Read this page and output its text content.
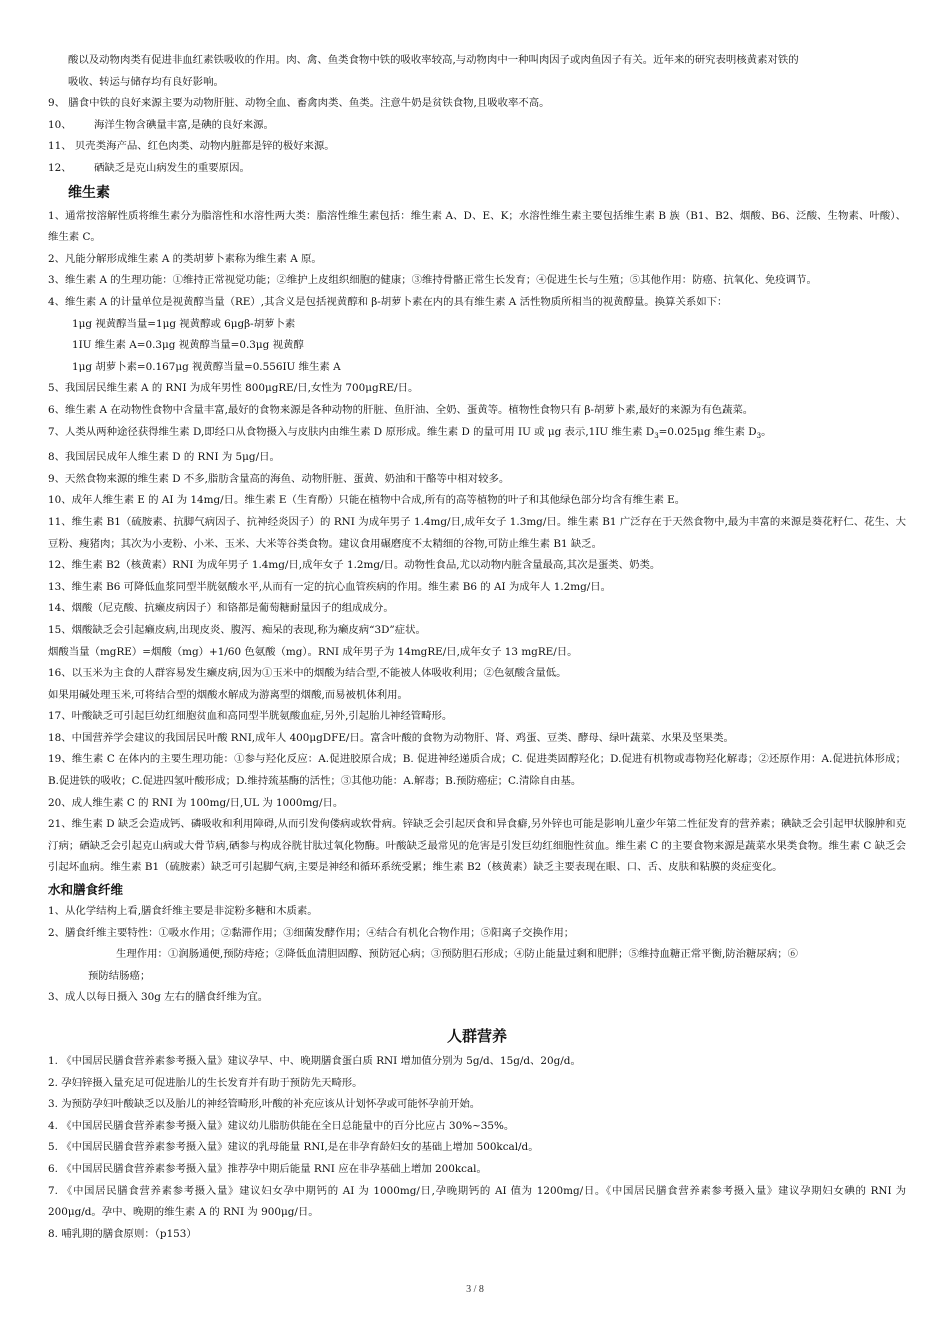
酸以及动物肉类有促进非血红素铁吸收的作用。肉、禽、鱼类食物中铁的吸收率较高,与动物肉中一种叫肉因子或肉鱼因子有关。近年来的研究表明核黄素对铁的

吸收、转运与储存均有良好影响。

9、 膳食中铁的良好来源主要为动物肝脏、动物全血、畜禽肉类、鱼类。注意牛奶是贫铁食物,且吸收率不高。

10、 海洋生物含碘量丰富,是碘的良好来源。

11、 贝壳类海产品、红色肉类、动物内脏都是锌的极好来源。

12、 硒缺乏是克山病发生的重要原因。

维生素

1、通常按溶解性质将维生素分为脂溶性和水溶性两大类：脂溶性维生素包括：维生素 A、D、E、K；水溶性维生素主要包括维生素 B 族（B1、B2、烟酸、B6、泛酸、生物素、叶酸）、维生素 C。

2、凡能分解形成维生素 A 的类胡萝卜素称为维生素 A 原。

3、维生素 A 的生理功能：①维持正常视觉功能；②维护上皮组织细胞的健康；③维持骨骼正常生长发育；④促进生长与生殖；⑤其他作用：防癌、抗氧化、免疫调节。

4、维生素 A 的计量单位是视黄醇当量（RE）,其含义是包括视黄醇和 β-胡萝卜素在内的具有维生素 A 活性物质所相当的视黄醇量。换算关系如下：

1μg 视黄醇当量=1μg 视黄醇或 6μgβ-胡萝卜素

1IU 维生素 A=0.3μg 视黄醇当量=0.3μg 视黄醇

1μg 胡萝卜素=0.167μg 视黄醇当量=0.556IU 维生素 A

5、我国居民维生素 A 的 RNI 为成年男性 800μgRE/日,女性为 700μgRE/日。

6、维生素 A 在动物性食物中含量丰富,最好的食物来源是各种动物的肝脏、鱼肝油、全奶、蛋黄等。植物性食物只有 β-胡萝卜素,最好的来源为有色蔬菜。

7、人类从两种途径获得维生素 D,即经口从食物摄入与皮肤内由维生素 D 原形成。维生素 D 的量可用 IU 或 μg 表示,1IU 维生素 $D_3=0.025\mu g$ 维生素 $D_3$。

8、我国居民成年人维生素 D 的 RNI 为 5μg/日。

9、天然食物来源的维生素 D 不多,脂肪含量高的海鱼、动物肝脏、蛋黄、奶油和干酪等中相对较多。

10、成年人维生素 E 的 AI 为 14mg/日。维生素 E（生育酚）只能在植物中合成,所有的高等植物的叶子和其他绿色部分均含有维生素 E。

11、维生素 B1（硫胺素、抗脚气病因子、抗神经炎因子）的 RNI 为成年男子 1.4mg/日,成年女子 1.3mg/日。维生素 B1 广泛存在于天然食物中,最为丰富的来源是葵花籽仁、花生、大豆粉、瘦猪肉；其次为小麦粉、小米、玉米、大米等谷类食物。建议食用碾磨度不太精细的谷物,可防止维生素 B1 缺乏。

12、维生素 B2（核黄素）RNI 为成年男子 1.4mg/日,成年女子 1.2mg/日。动物性食品,尤以动物内脏含量最高,其次是蛋类、奶类。

13、维生素 B6 可降低血浆同型半胱氨酸水平,从而有一定的抗心血管疾病的作用。维生素 B6 的 AI 为成年人 1.2mg/日。

14、烟酸（尼克酸、抗癞皮病因子）和铬都是葡萄糖耐量因子的组成成分。

15、烟酸缺乏会引起癞皮病,出现皮炎、腹泻、痴呆的表现,称为癞皮病“3D”症状。

烟酸当量（mgRE）=烟酸（mg）+1/60 色氨酸（mg）。RNI 成年男子为 14mgRE/日,成年女子 13 mgRE/日。

16、以玉米为主食的人群容易发生癞皮病,因为①玉米中的烟酸为结合型,不能被人体吸收利用；②色氨酸含量低。

如果用碱处理玉米,可将结合型的烟酸水解成为游离型的烟酸,而易被机体利用。

17、叶酸缺乏可引起巨幼红细胞贫血和高同型半胱氨酸血症,另外,引起胎儿神经管畸形。

18、中国营养学会建议的我国居民叶酸 RNI,成年人 400μgDFE/日。富含叶酸的食物为动物肝、肾、鸡蛋、豆类、酵母、绿叶蔬菜、水果及坚果类。

19、维生素 C 在体内的主要生理功能：①参与羟化反应：A.促进胶原合成；B. 促进神经递质合成；C. 促进类固醇羟化；D.促进有机物或毒物羟化解毒；②还原作用：A.促进抗体形成；B.促进铁的吸收；C.促进四氢叶酸形成；D.维持巯基酶的活性；③其他功能：A.解毒；B.预防癌症；C.清除自由基。

20、成人维生素 C 的 RNI 为 100mg/日,UL 为 1000mg/日。

21、维生素 D 缺乏会造成钙、磷吸收和利用障碍,从而引发佝偻病或软骨病。锌缺乏会引起厌食和异食癖,另外锌也可能是影响儿童少年第二性征发育的营养素；碘缺乏会引起甲状腺肿和克汀病；硒缺乏会引起克山病或大骨节病,硒参与构成谷胱甘肽过氧化物酶。叶酸缺乏最常见的危害是引发巨幼红细胞性贫血。维生素 C 的主要食物来源是蔬菜水果类食物。维生素 C 缺乏会引起坏血病。维生素 B1（硫胺素）缺乏可引起脚气病,主要是神经和循环系统受累；维生素 B2（核黄素）缺乏主要表现在眼、口、舌、皮肤和粘膜的炎症变化。

水和膳食纤维

1、从化学结构上看,膳食纤维主要是非淀粉多糖和木质素。

2、膳食纤维主要特性：①吸水作用；②黏滞作用；③细菌发酵作用；④结合有机化合物作用；⑤阳离子交换作用；

生理作用：①润肠通便,预防痔疮；②降低血清胆固醇、预防冠心病；③预防胆石形成；④防止能量过剩和肥胖；⑤维持血糖正常平衡,防治糖尿病；⑥

预防结肠癌；

3、成人以每日摄入 30g 左右的膳食纤维为宜。

人群营养

1. 《中国居民膳食营养素参考摄入量》建议孕早、中、晚期膳食蛋白质 RNI 增加值分别为 5g/d、15g/d、20g/d。

2. 孕妇锌摄入量充足可促进胎儿的生长发育并有助于预防先天畸形。

3. 为预防孕妇叶酸缺乏以及胎儿的神经管畸形,叶酸的补充应该从计划怀孕或可能怀孕前开始。

4. 《中国居民膳食营养素参考摄入量》建议幼儿脂肪供能在全日总能量中的百分比应占 30%~35%。

5. 《中国居民膳食营养素参考摄入量》建议的乳母能量 RNI,是在非孕育龄妇女的基础上增加 500kcal/d。

6. 《中国居民膳食营养素参考摄入量》推荐孕中期后能量 RNI 应在非孕基础上增加 200kcal。

7. 《中国居民膳食营养素参考摄入量》建议妇女孕中期钙的 AI 为 1000mg/日,孕晚期钙的 AI 值为 1200mg/日。《中国居民膳食营养素参考摄入量》建议孕期妇女碘的 RNI 为 200μg/d。孕中、晚期的维生素 A 的 RNI 为 900μg/日。

8. 哺乳期的膳食原则：（p153）

3 / 8
